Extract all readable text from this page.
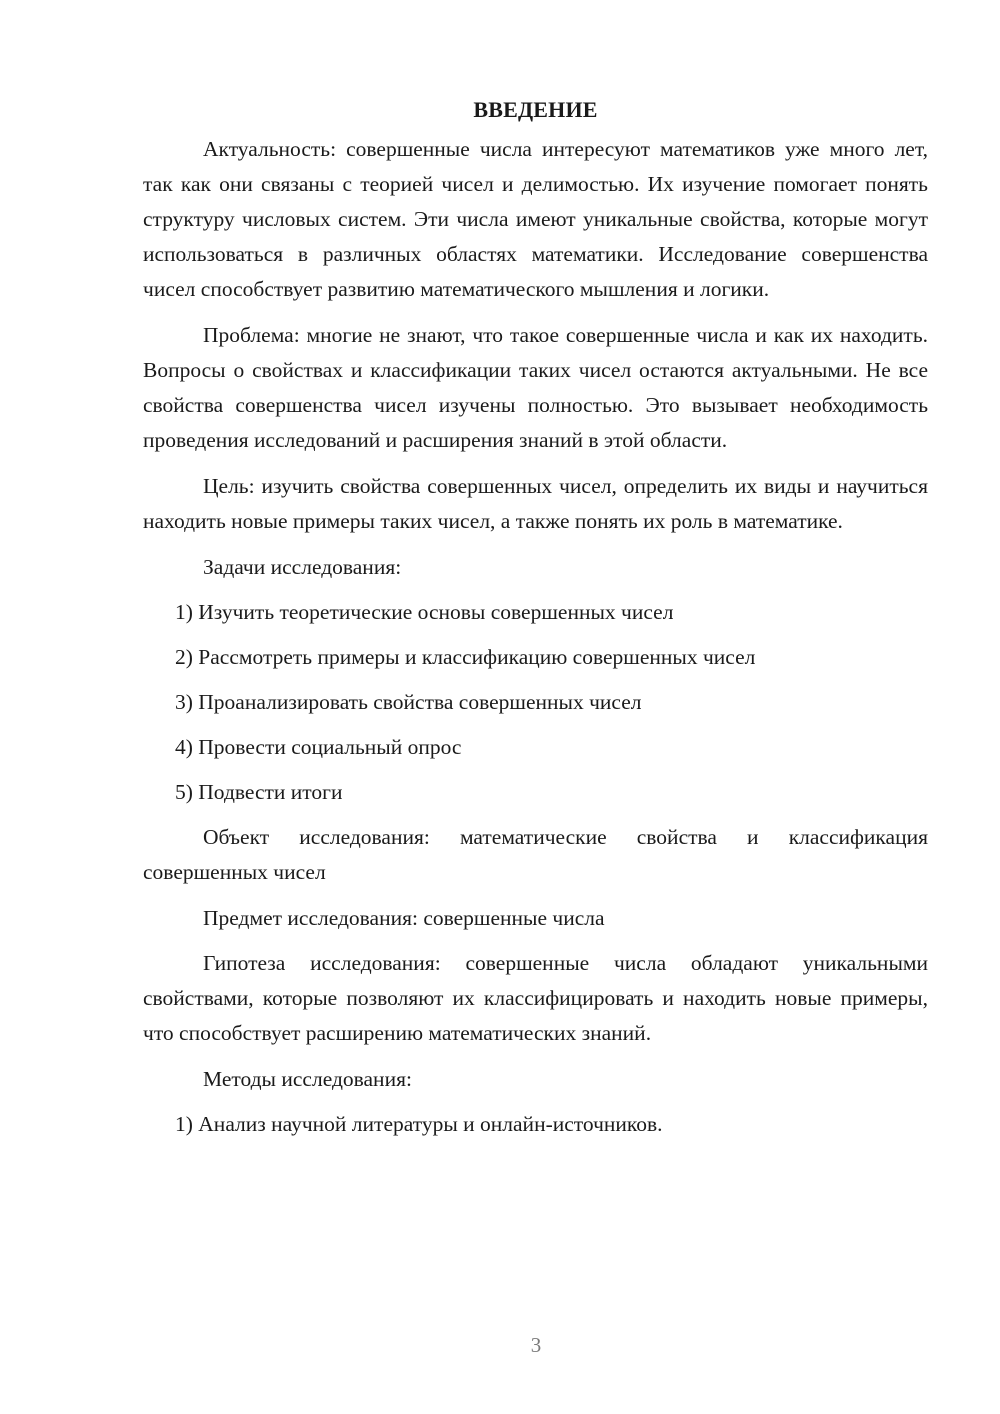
ВВЕДЕНИЕ

Актуальность: совершенные числа интересуют математиков уже много лет, так как они связаны с теорией чисел и делимостью. Их изучение помогает понять структуру числовых систем. Эти числа имеют уникальные свойства, которые могут использоваться в различных областях математики. Исследование совершенства чисел способствует развитию математического мышления и логики.

Проблема: многие не знают, что такое совершенные числа и как их находить. Вопросы о свойствах и классификации таких чисел остаются актуальными. Не все свойства совершенства чисел изучены полностью. Это вызывает необходимость проведения исследований и расширения знаний в этой области.

Цель: изучить свойства совершенных чисел, определить их виды и научиться находить новые примеры таких чисел, а также понять их роль в математике.

Задачи исследования:

1) Изучить теоретические основы совершенных чисел

2) Рассмотреть примеры и классификацию совершенных чисел

3) Проанализировать свойства совершенных чисел

4) Провести социальный опрос

5) Подвести итоги

Объект исследования: математические свойства и классификация совершенных чисел

Предмет исследования: совершенные числа

Гипотеза исследования: совершенные числа обладают уникальными свойствами, которые позволяют их классифицировать и находить новые примеры, что способствует расширению математических знаний.

Методы исследования:

1) Анализ научной литературы и онлайн-источников.

3
